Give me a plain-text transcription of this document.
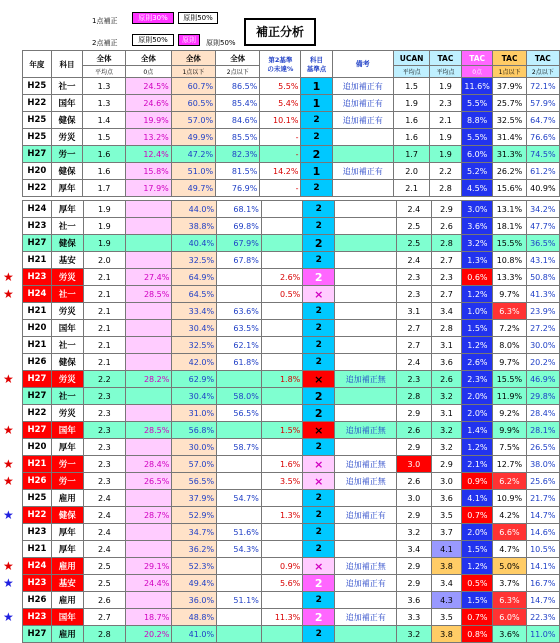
1点補正	原則30%	原則50%
2点補正	原則50%	原則	原則50%
補正分析
年度	科目	全体	全体	全体	全体	第2基準
の未達%	科目
基準点	備考	UCAN	TAC	TAC	TAC	TAC
		平均点	0点	1点以下	2点以下				平均点	平均点	0点	1点以下	2点以下
H25	社一	1.3	24.5%	60.7%	86.5%	5.5%	1	追加補正有	1.5	1.9	11.6%	37.9%	72.1%
H22	国年	1.3	24.6%	60.5%	85.4%	5.4%	1	追加補正有	1.9	2.3	5.5%	25.7%	57.9%
H25	健保	1.4	19.9%	57.0%	84.6%	10.1%	2	追加補正有	1.6	2.1	8.8%	32.5%	64.7%
H25	労災	1.5	13.2%	49.9%	85.5%	-	2		1.6	1.9	5.5%	31.4%	76.6%
H27	労一	1.6	12.4%	47.2%	82.3%	-	2		1.7	1.9	6.0%	31.3%	74.5%
H20	健保	1.6	15.8%	51.0%	81.5%	14.2%	1	追加補正有	2.0	2.2	5.2%	26.2%	61.2%
H22	厚年	1.7	17.9%	49.7%	76.9%	-	2		2.1	2.8	4.5%	15.6%	40.9%
H24	厚年	1.9		44.0%	68.1%		2		2.4	2.9	3.0%	13.1%	34.2%
H23	社一	1.9		38.8%	69.8%		2		2.5	2.6	3.6%	18.1%	47.7%
H27	健保	1.9		40.4%	67.9%		2		2.5	2.8	3.2%	15.5%	36.5%
H21	基安	2.0		32.5%	67.8%		2		2.4	2.7	1.3%	10.8%	43.1%
H23	労災	2.1	27.4%	64.9%		2.6%	2		2.3	2.3	0.6%	13.3%	50.8%
H24	社一	2.1	28.5%	64.5%		0.5%	×		2.3	2.7	1.2%	9.7%	41.3%
H21	労災	2.1		33.4%	63.6%		2		3.1	3.4	1.0%	6.3%	23.9%
H20	国年	2.1		30.4%	63.5%		2		2.7	2.8	1.5%	7.2%	27.2%
H21	社一	2.1		32.5%	62.1%		2		2.7	3.1	1.2%	8.0%	30.0%
H26	健保	2.1		42.0%	61.8%		2		2.4	3.6	2.6%	9.7%	20.2%
H27	労災	2.2	28.2%	62.9%		1.8%	×	追加補正無	2.3	2.6	2.3%	15.5%	46.9%
H27	社一	2.3		30.4%	58.0%		2		2.8	3.2	2.0%	11.9%	29.8%
H22	労災	2.3		31.0%	56.5%		2		2.9	3.1	2.0%	9.2%	28.4%
H27	国年	2.3	28.5%	56.8%		1.5%	×	追加補正無	2.6	3.2	1.4%	9.9%	28.1%
H20	厚年	2.3		30.0%	58.7%		2		2.9	3.2	1.2%	7.5%	26.5%
H21	労一	2.3	28.4%	57.0%		1.6%	×	追加補正無	3.0	2.9	2.1%	12.7%	38.0%
H26	労一	2.3	26.5%	56.5%		3.5%	×	追加補正無	2.6	3.0	0.9%	6.2%	25.6%
H25	雇用	2.4		37.9%	54.7%		2		3.0	3.6	4.1%	10.9%	21.7%
H22	健保	2.4	28.7%	52.9%		1.3%	2	追加補正有	2.9	3.5	0.7%	4.2%	14.7%
H23	厚年	2.4		34.7%	51.6%		2		3.2	3.7	2.0%	6.6%	14.6%
H21	厚年	2.4		36.2%	54.3%		2		3.4	4.1	1.5%	4.7%	10.5%
H24	雇用	2.5	29.1%	52.3%		0.9%	×	追加補正無	2.9	3.8	1.2%	5.0%	14.1%
H23	基安	2.5	24.4%	49.4%		5.6%	2	追加補正有	2.9	3.4	0.5%	3.7%	16.7%
H26	雇用	2.6		36.0%	51.1%		2		3.6	4.3	1.5%	6.3%	14.7%
H23	国年	2.7	18.7%	48.8%		11.3%	2	追加補正有	3.3	3.5	0.7%	6.0%	22.3%
H27	雇用	2.8	20.2%	41.0%			2		3.2	3.8	0.8%	3.6%	11.0%
★
★
★
★
★
★
★
★
★
★
